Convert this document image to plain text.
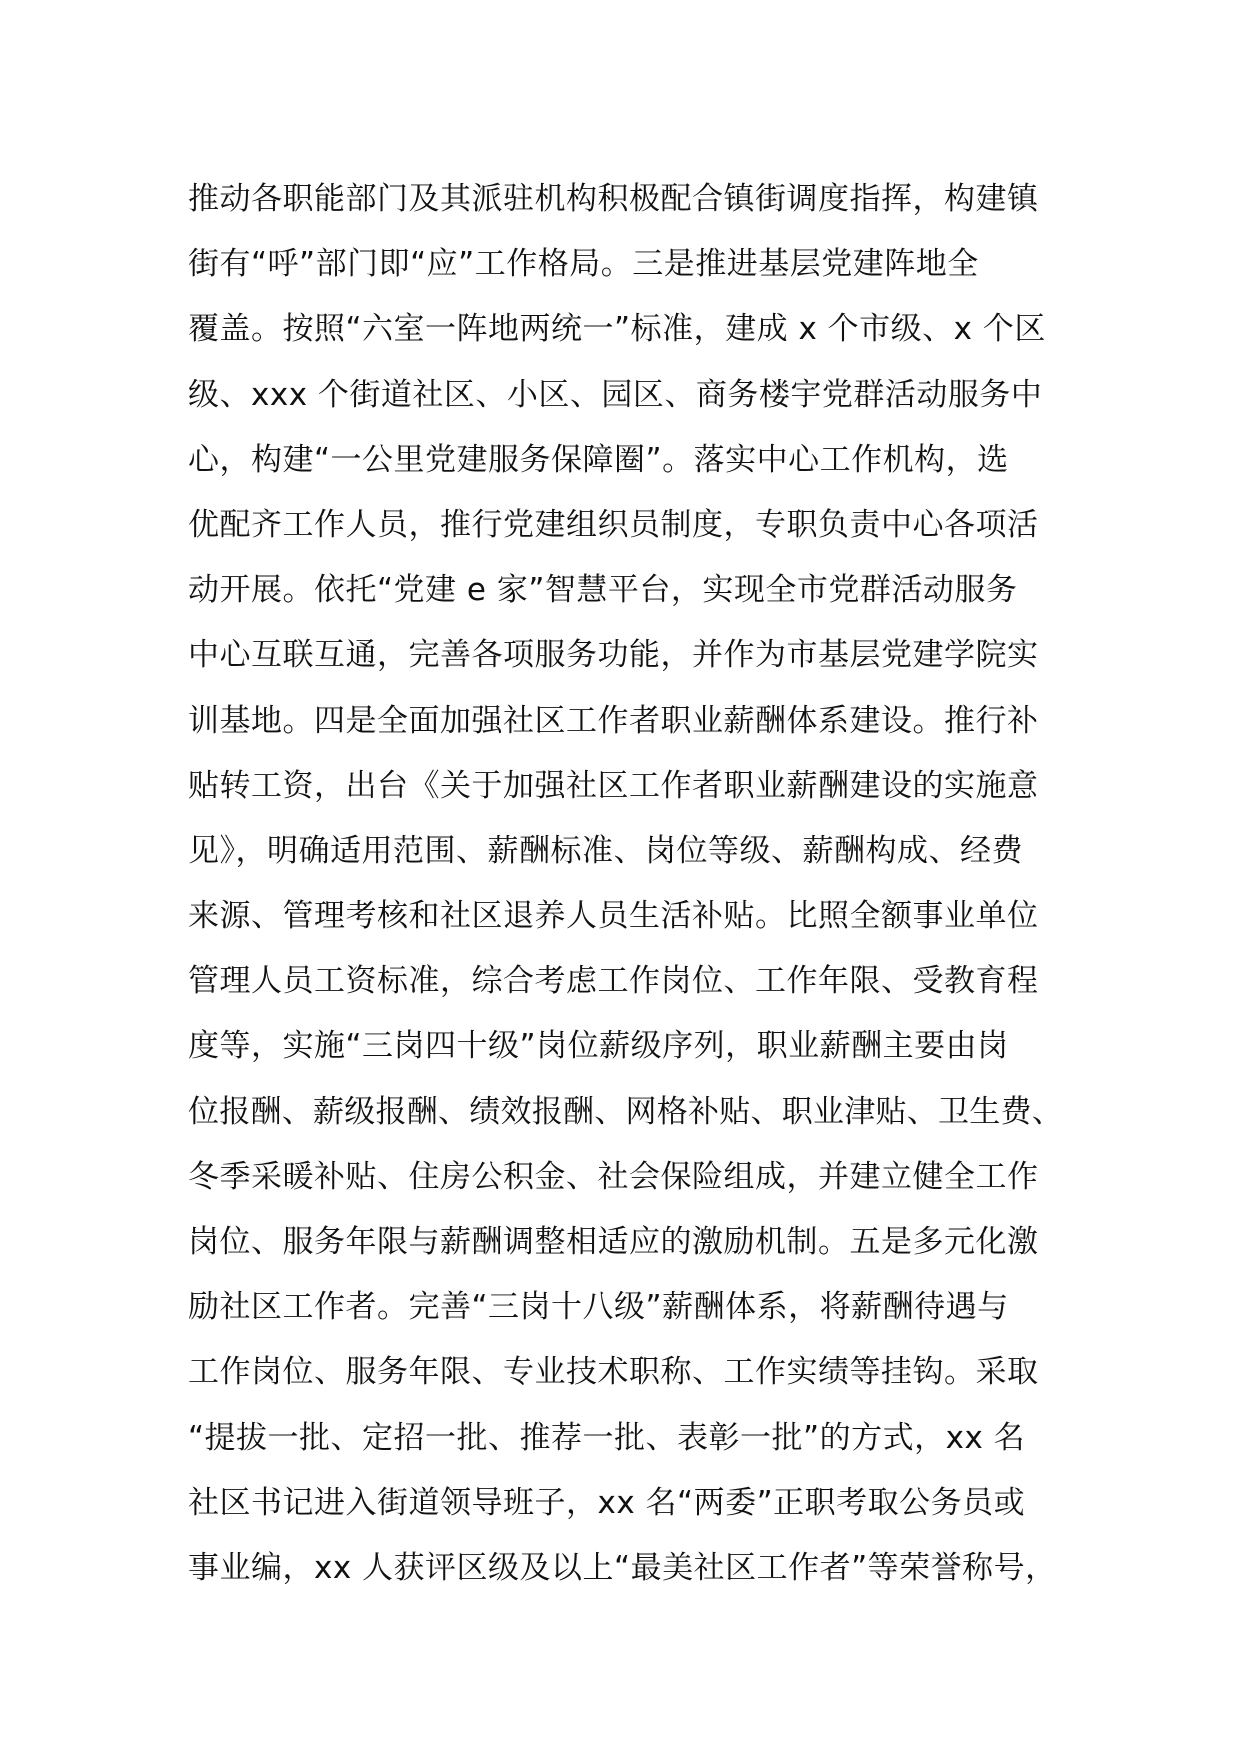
推动各职能部门及其派驻机构积极配合镇街调度指挥，构建镇
街有“呼”部门即“应”工作格局。三是推进基层党建阵地全
覆盖。按照“六室一阵地两统一”标准，建成 x 个市级、x 个区
级、xxx 个街道社区、小区、园区、商务楼宇党群活动服务中
心，构建“一公里党建服务保障圈”。落实中心工作机构，选
优配齐工作人员，推行党建组织员制度，专职负责中心各项活
动开展。依托“党建 e 家”智慧平台，实现全市党群活动服务
中心互联互通，完善各项服务功能，并作为市基层党建学院实
训基地。四是全面加强社区工作者职业薪酬体系建设。推行补
贴转工资，出台《关于加强社区工作者职业薪酬建设的实施意
见》，明确适用范围、薪酬标准、岗位等级、薪酬构成、经费
来源、管理考核和社区退养人员生活补贴。比照全额事业单位
管理人员工资标准，综合考虑工作岗位、工作年限、受教育程
度等，实施“三岗四十级”岗位薪级序列，职业薪酬主要由岗
位报酬、薪级报酬、绩效报酬、网格补贴、职业津贴、卫生费、
冬季采暖补贴、住房公积金、社会保险组成，并建立健全工作
岗位、服务年限与薪酬调整相适应的激励机制。五是多元化激
励社区工作者。完善“三岗十八级”薪酬体系，将薪酬待遇与
工作岗位、服务年限、专业技术职称、工作实绩等挂钩。采取
“提拔一批、定招一批、推荐一批、表彰一批”的方式，xx 名
社区书记进入街道领导班子，xx 名“两委”正职考取公务员或
事业编，xx 人获评区级及以上“最美社区工作者”等荣誉称号，
